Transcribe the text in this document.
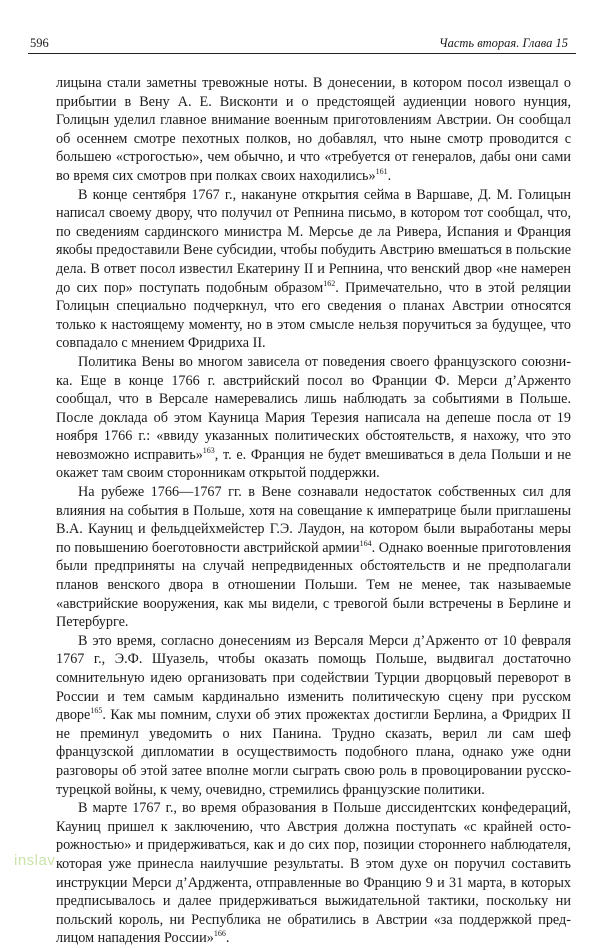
596	Часть вторая. Глава 15

лицына стали заметны тревожные ноты. В донесении, в котором посол извещал о прибытии в Вену А. Е. Висконти и о предстоящей аудиенции нового нунция, Голицын уделил главное внимание военным приготовлениям Австрии. Он сообщал об осеннем смотре пехотных полков, но добавлял, что ныне смотр проводится с большею «строгостью», чем обычно, и что «требуется от генералов, дабы они сами во время сих смотров при полках своих находились»$^{161}$.

В конце сентября 1767 г., накануне открытия сейма в Варшаве, Д. М. Голицын написал своему двору, что получил от Репнина письмо, в котором тот сообщал, что, по сведениям сардинского министра М. Мерсье де ла Ривера, Испания и Франция якобы предоставили Вене субсидии, чтобы побудить Австрию вмешаться в польские дела. В ответ посол известил Екатерину II и Репнина, что венский двор «не намерен до сих пор» поступать подобным образом$^{162}$. Примечательно, что в этой реляции Голицын специально подчеркнул, что его сведения о планах Австрии относятся только к настоящему моменту, но в этом смысле нельзя поручиться за будущее, что совпадало с мнением Фридриха II.

Политика Вены во многом зависела от поведения своего французского союзника. Еще в конце 1766 г. австрийский посол во Франции Ф. Мерси д’Арженто сообщал, что в Версале намеревались лишь наблюдать за событиями в Польше. После доклада об этом Кауница Мария Терезия написала на депеше посла от 19 ноября 1766 г.: «ввиду указанных политических обстоятельств, я нахожу, что это невозможно исправить»$^{163}$, т. е. Франция не будет вмешиваться в дела Польши и не окажет там своим сторонникам открытой поддержки.

На рубеже 1766—1767 гг. в Вене сознавали недостаток собственных сил для влияния на события в Польше, хотя на совещание к императрице были приглашены В.А. Кауниц и фельдцейхмейстер Г.Э. Лаудон, на котором были выработаны меры по повышению боеготовности австрийской армии$^{164}$. Однако военные приготовления были предприняты на случай непредвиденных обстоятельств и не предполагали планов венского двора в отношении Польши. Тем не менее, так называемые «австрийские вооружения, как мы видели, с тревогой были встречены в Берлине и Петербурге.

В это время, согласно донесениям из Версаля Мерси д’Арженто от 10 февраля 1767 г., Э.Ф. Шуазель, чтобы оказать помощь Польше, выдвигал достаточно сомнительную идею организовать при содействии Турции дворцовый переворот в России и тем самым кардинально изменить политическую сцену при русском дворе$^{165}$. Как мы помним, слухи об этих прожектах достигли Берлина, а Фридрих II не преминул уведомить о них Панина. Трудно сказать, верил ли сам шеф французской дипломатии в осуществимость подобного плана, однако уже одни разговоры об этой затее вполне могли сыграть свою роль в провоцировании русско-турецкой войны, к чему, очевидно, стремились французские политики.

В марте 1767 г., во время образования в Польше диссидентских конфедераций, Кауниц пришел к заключению, что Австрия должна поступать «с крайней осторожностью» и придерживаться, как и до сих пор, позиции стороннего наблюдателя, которая уже принесла наилучшие результаты. В этом духе он поручил составить инструкции Мерси д’Арджента, отправленные во Францию 9 и 31 марта, в которых предписывалось и далее придерживаться выжидательной тактики, поскольку ни польский король, ни Республика не обратились в Австрии «за поддержкой предлицом нападения России»$^{166}$.

inslav
